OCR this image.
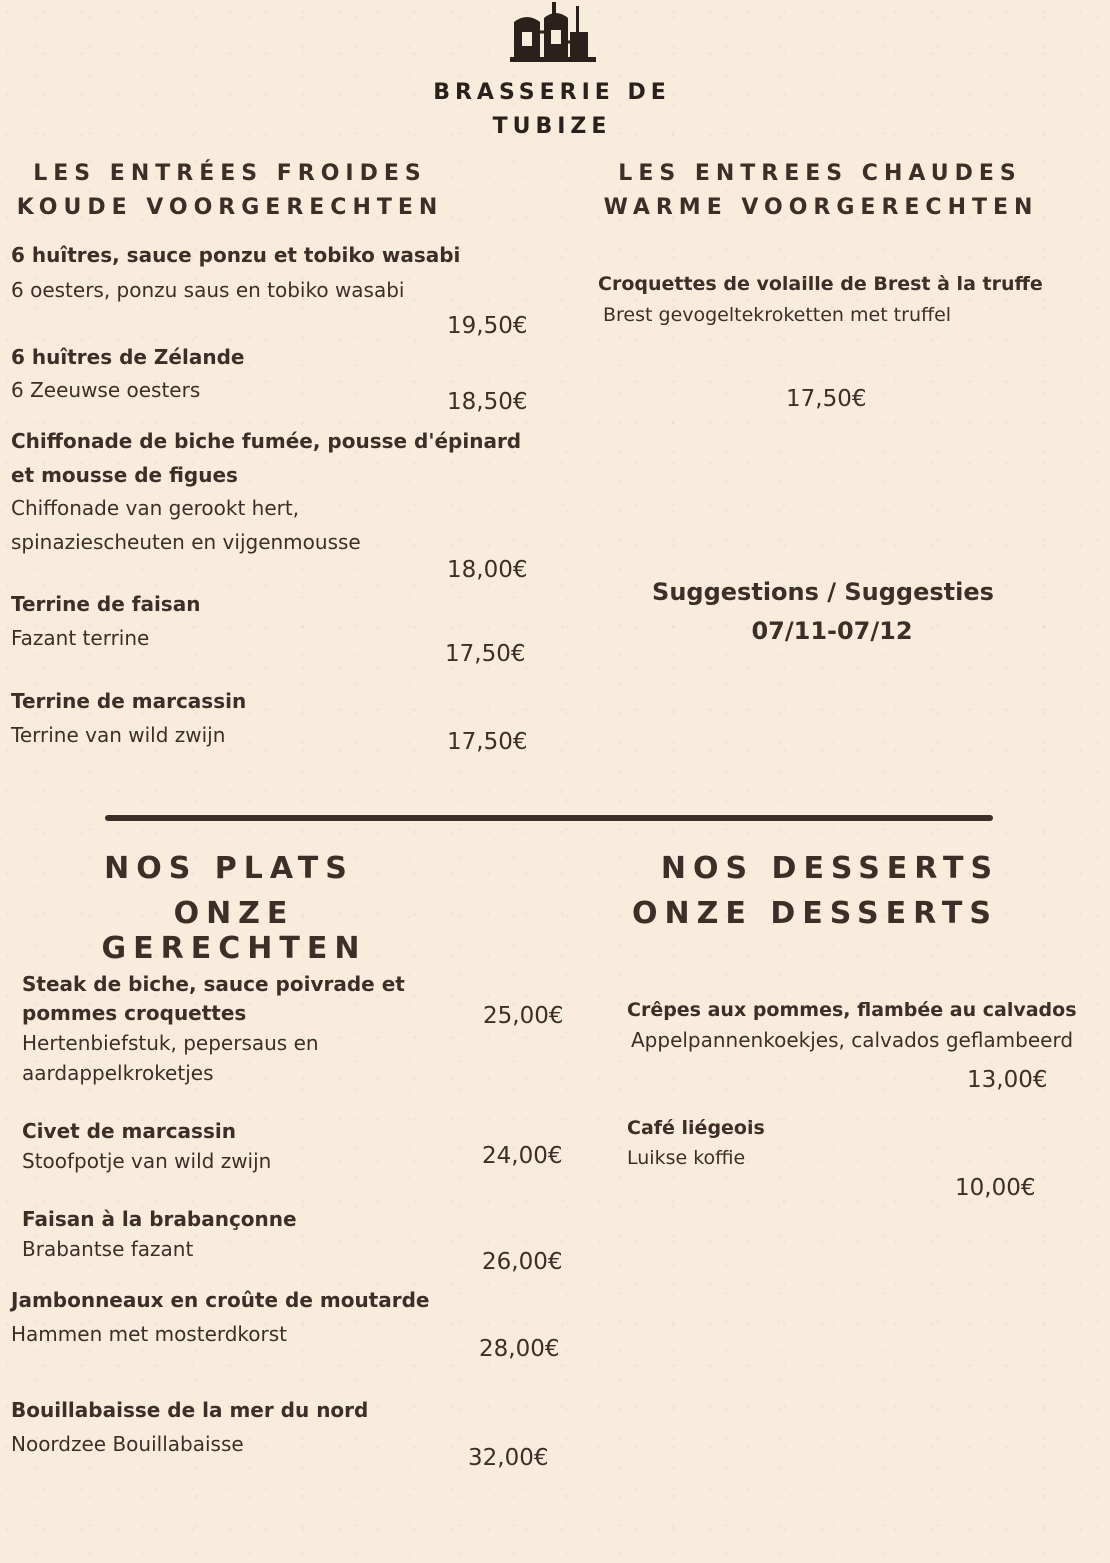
BRASSERIE DE
TUBIZE
LES ENTRÉES FROIDES
KOUDE VOORGERECHTEN
LES ENTREES CHAUDES
WARME VOORGERECHTEN
6 huîtres, sauce ponzu et tobiko wasabi
6 oesters, ponzu saus en tobiko wasabi
19,50€
6 huîtres de Zélande
6 Zeeuwse oesters	18,50€
Chiffonade de biche fumée, pousse d'épinard
et mousse de figues
Chiffonade van gerookt hert,
spinaziescheuten en vijgenmousse
18,00€
Terrine de faisan
Fazant terrine
17,50€
Terrine de marcassin
Terrine van wild zwijn	17,50€
Croquettes de volaille de Brest à la truffe
Brest gevogeltekroketten met truffel
17,50€
Suggestions / Suggesties
07/11-07/12
NOS PLATS
ONZE GERECHTEN
NOS DESSERTS
ONZE DESSERTS
Steak de biche, sauce poivrade et
pommes croquettes
Hertenbiefstuk, pepersaus en
aardappelkroketjes
25,00€
Civet de marcassin
Stoofpotje van wild zwijn	24,00€
Faisan à la brabançonne
Brabantse fazant	26,00€
Jambonneaux en croûte de moutarde
Hammen met mosterdkorst
28,00€
Bouillabaisse de la mer du nord
Noordzee Bouillabaisse
32,00€
Crêpes aux pommes, flambée au calvados
Appelpannenkoekjes, calvados geflambeerd
13,00€
Café liégeois
Luikse koffie
10,00€
